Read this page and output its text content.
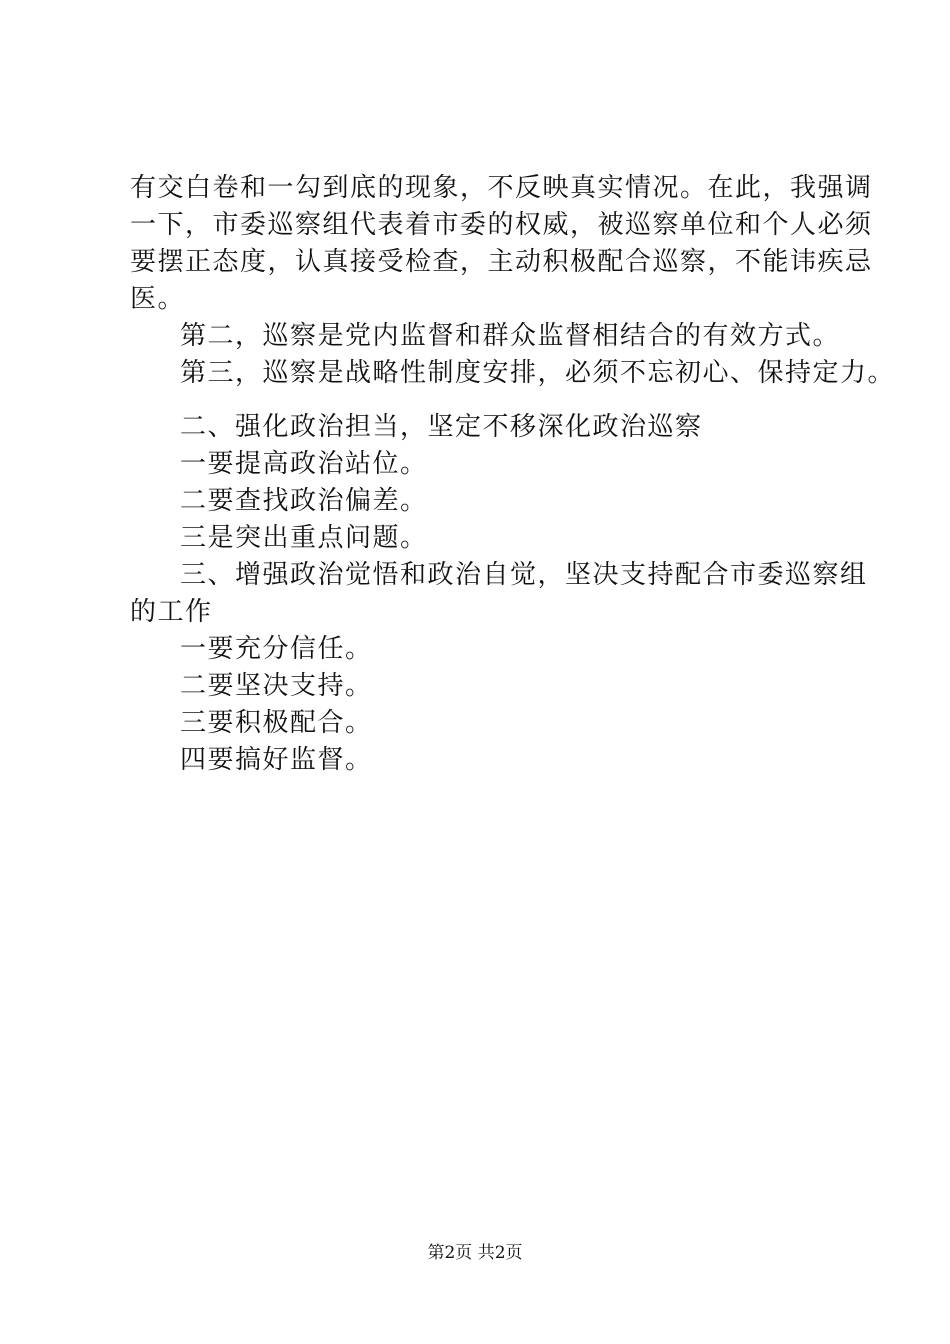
有交白卷和一勾到底的现象，不反映真实情况。在此，我强调
一下，市委巡察组代表着市委的权威，被巡察单位和个人必须
要摆正态度，认真接受检查，主动积极配合巡察，不能讳疾忌
医。
第二，巡察是党内监督和群众监督相结合的有效方式。
第三，巡察是战略性制度安排，必须不忘初心、保持定力。
二、强化政治担当，坚定不移深化政治巡察
一要提高政治站位。
二要查找政治偏差。
三是突出重点问题。
三、增强政治觉悟和政治自觉，坚决支持配合市委巡察组
的工作
一要充分信任。
二要坚决支持。
三要积极配合。
四要搞好监督。
第2页 共2页
